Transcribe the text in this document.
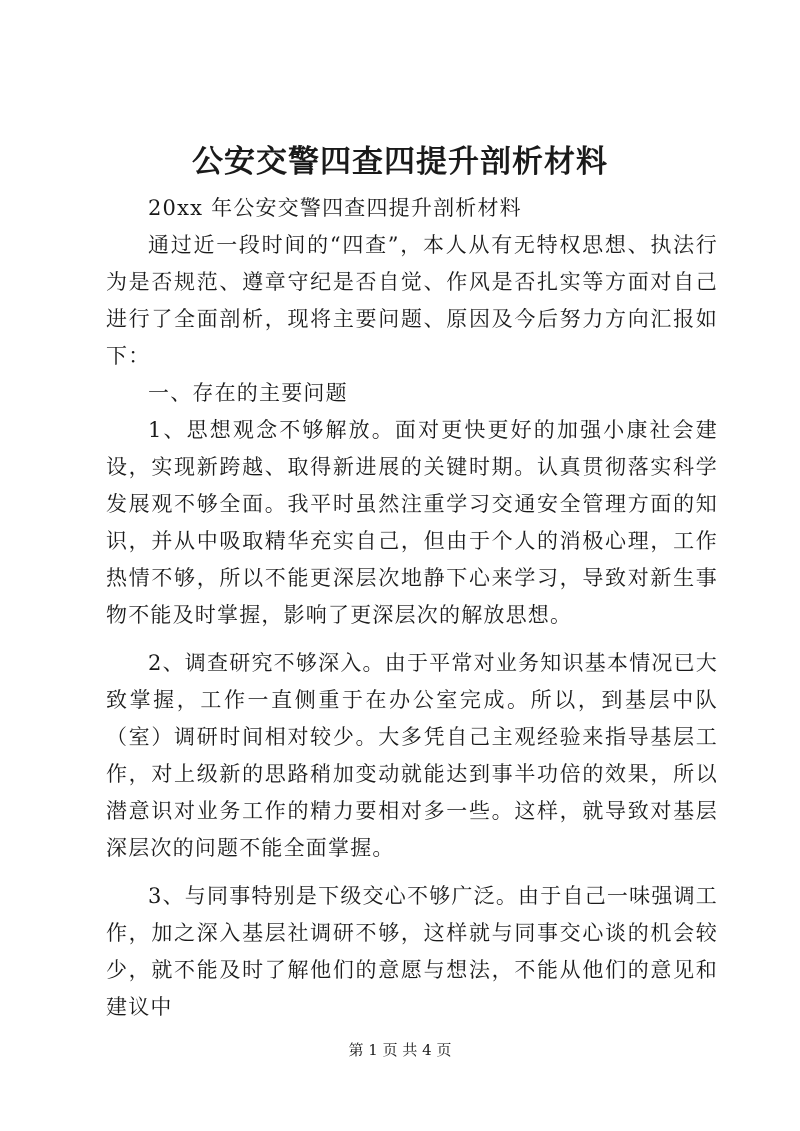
公安交警四查四提升剖析材料

20xx 年公安交警四查四提升剖析材料

通过近一段时间的“四查”，本人从有无特权思想、执法行为是否规范、遵章守纪是否自觉、作风是否扎实等方面对自己进行了全面剖析，现将主要问题、原因及今后努力方向汇报如下：

一、存在的主要问题

1、思想观念不够解放。面对更快更好的加强小康社会建设，实现新跨越、取得新进展的关键时期。认真贯彻落实科学发展观不够全面。我平时虽然注重学习交通安全管理方面的知识，并从中吸取精华充实自己，但由于个人的消极心理，工作热情不够，所以不能更深层次地静下心来学习，导致对新生事物不能及时掌握，影响了更深层次的解放思想。

2、调查研究不够深入。由于平常对业务知识基本情况已大致掌握，工作一直侧重于在办公室完成。所以，到基层中队（室）调研时间相对较少。大多凭自己主观经验来指导基层工作，对上级新的思路稍加变动就能达到事半功倍的效果，所以潜意识对业务工作的精力要相对多一些。这样，就导致对基层深层次的问题不能全面掌握。

3、与同事特别是下级交心不够广泛。由于自己一味强调工作，加之深入基层社调研不够，这样就与同事交心谈的机会较少，就不能及时了解他们的意愿与想法，不能从他们的意见和建议中

第 1 页 共 4 页
